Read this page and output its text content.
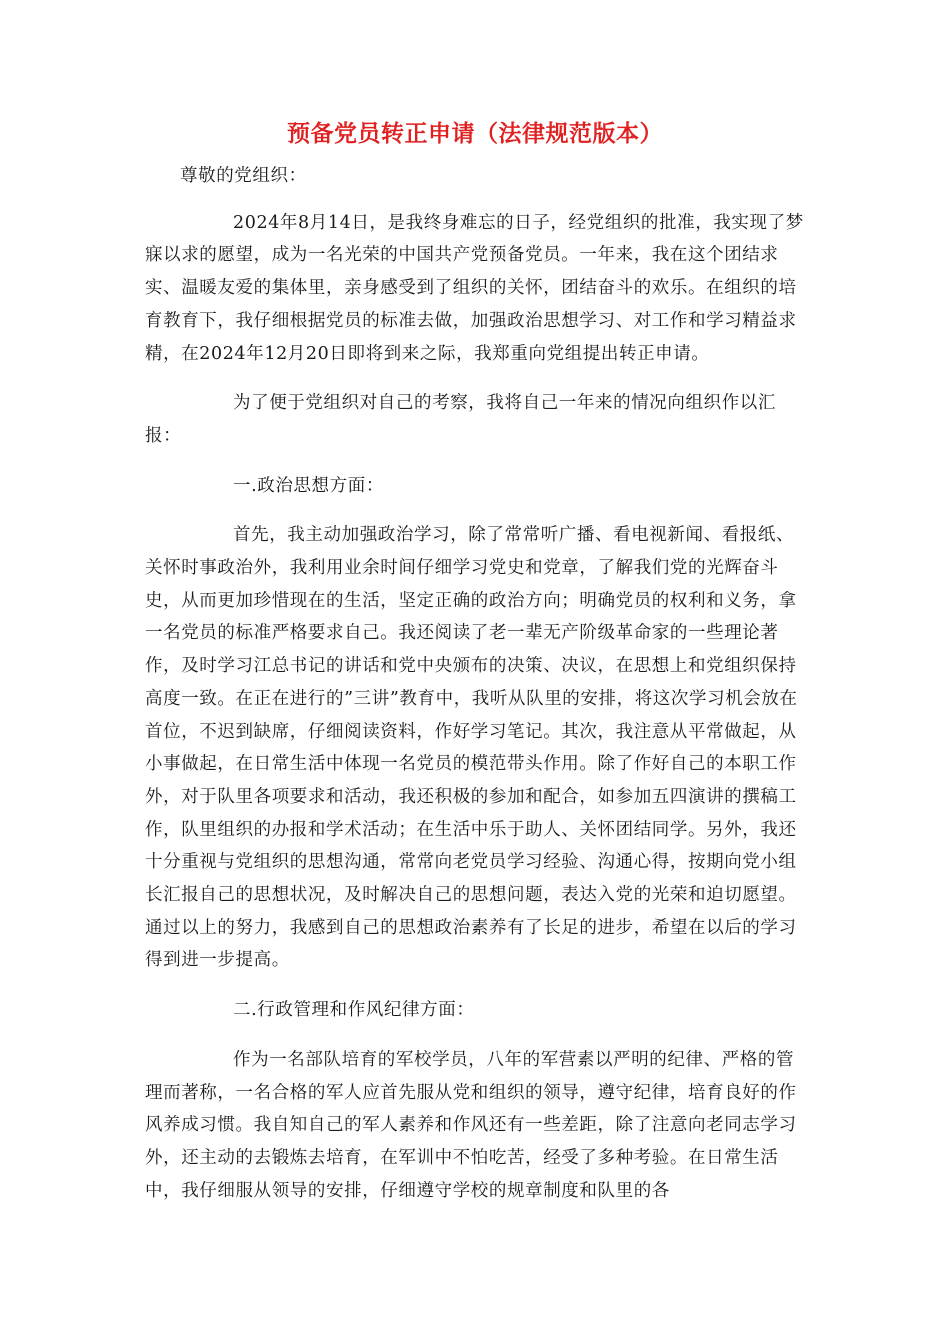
预备党员转正申请（法律规范版本）

尊敬的党组织：

2024年8月14日，是我终身难忘的日子，经党组织的批准，我实现了梦寐以求的愿望，成为一名光荣的中国共产党预备党员。一年来，我在这个团结求实、温暖友爱的集体里，亲身感受到了组织的关怀，团结奋斗的欢乐。在组织的培育教育下，我仔细根据党员的标准去做，加强政治思想学习、对工作和学习精益求精，在2024年12月20日即将到来之际，我郑重向党组提出转正申请。

为了便于党组织对自己的考察，我将自己一年来的情况向组织作以汇报：

一.政治思想方面：

首先，我主动加强政治学习，除了常常听广播、看电视新闻、看报纸、关怀时事政治外，我利用业余时间仔细学习党史和党章，了解我们党的光辉奋斗史，从而更加珍惜现在的生活，坚定正确的政治方向；明确党员的权利和义务，拿一名党员的标准严格要求自己。我还阅读了老一辈无产阶级革命家的一些理论著作，及时学习江总书记的讲话和党中央颁布的决策、决议，在思想上和党组织保持高度一致。在正在进行的”三讲”教育中，我听从队里的安排，将这次学习机会放在首位，不迟到缺席，仔细阅读资料，作好学习笔记。其次，我注意从平常做起，从小事做起，在日常生活中体现一名党员的模范带头作用。除了作好自己的本职工作外，对于队里各项要求和活动，我还积极的参加和配合，如参加五四演讲的撰稿工作，队里组织的办报和学术活动；在生活中乐于助人、关怀团结同学。另外，我还十分重视与党组织的思想沟通，常常向老党员学习经验、沟通心得，按期向党小组长汇报自己的思想状况，及时解决自己的思想问题，表达入党的光荣和迫切愿望。通过以上的努力，我感到自己的思想政治素养有了长足的进步，希望在以后的学习得到进一步提高。

二.行政管理和作风纪律方面：

作为一名部队培育的军校学员，八年的军营素以严明的纪律、严格的管理而著称，一名合格的军人应首先服从党和组织的领导，遵守纪律，培育良好的作风养成习惯。我自知自己的军人素养和作风还有一些差距，除了注意向老同志学习外，还主动的去锻炼去培育，在军训中不怕吃苦，经受了多种考验。在日常生活中，我仔细服从领导的安排，仔细遵守学校的规章制度和队里的各
